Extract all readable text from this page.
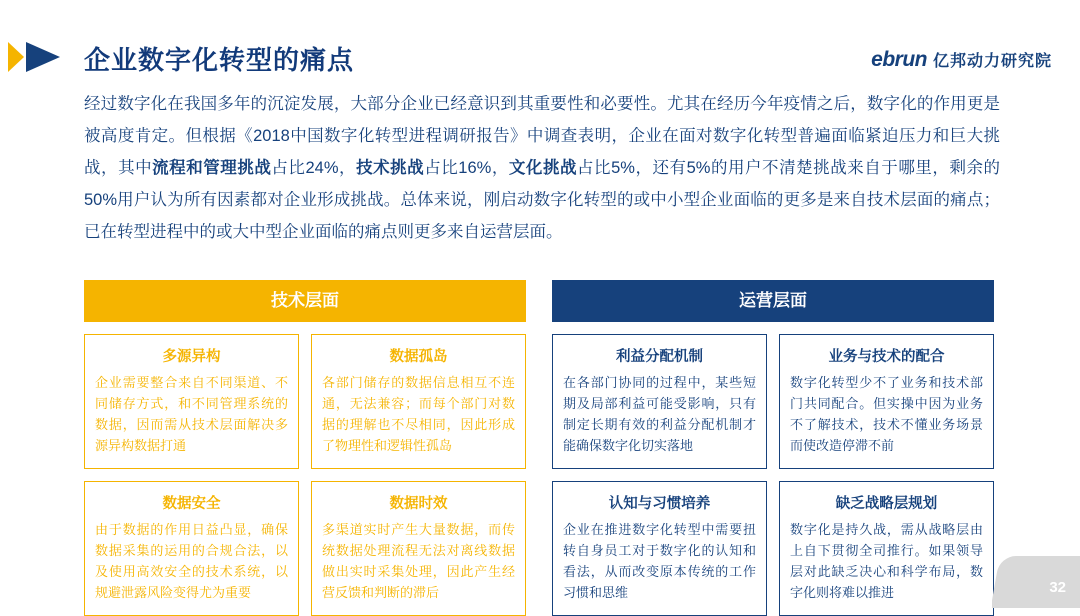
企业数字化转型的痛点	ebrun 亿邦动力研究院
经过数字化在我国多年的沉淀发展，大部分企业已经意识到其重要性和必要性。尤其在经历今年疫情之后，数字化的作用更是被高度肯定。但根据《2018中国数字化转型进程调研报告》中调查表明，企业在面对数字化转型普遍面临紧迫压力和巨大挑战，其中流程和管理挑战占比24%，技术挑战占比16%，文化挑战占比5%，还有5%的用户不清楚挑战来自于哪里，剩余的50%用户认为所有因素都对企业形成挑战。总体来说，刚启动数字化转型的或中小型企业面临的更多是来自技术层面的痛点；已在转型进程中的或大中型企业面临的痛点则更多来自运营层面。
技术层面
多源异构
企业需要整合来自不同渠道、不同储存方式，和不同管理系统的数据，因而需从技术层面解决多源异构数据打通
数据孤岛
各部门储存的数据信息相互不连通，无法兼容；而每个部门对数据的理解也不尽相同，因此形成了物理性和逻辑性孤岛
数据安全
由于数据的作用日益凸显，确保数据采集的运用的合规合法，以及使用高效安全的技术系统，以规避泄露风险变得尤为重要
数据时效
多渠道实时产生大量数据，而传统数据处理流程无法对离线数据做出实时采集处理，因此产生经营反馈和判断的滞后
运营层面
利益分配机制
在各部门协同的过程中，某些短期及局部利益可能受影响，只有制定长期有效的利益分配机制才能确保数字化切实落地
业务与技术的配合
数字化转型少不了业务和技术部门共同配合。但实操中因为业务不了解技术，技术不懂业务场景而使改造停滞不前
认知与习惯培养
企业在推进数字化转型中需要扭转自身员工对于数字化的认知和看法，从而改变原本传统的工作习惯和思维
缺乏战略层规划
数字化是持久战，需从战略层由上自下贯彻全司推行。如果领导层对此缺乏决心和科学布局，数字化则将难以推进	32
